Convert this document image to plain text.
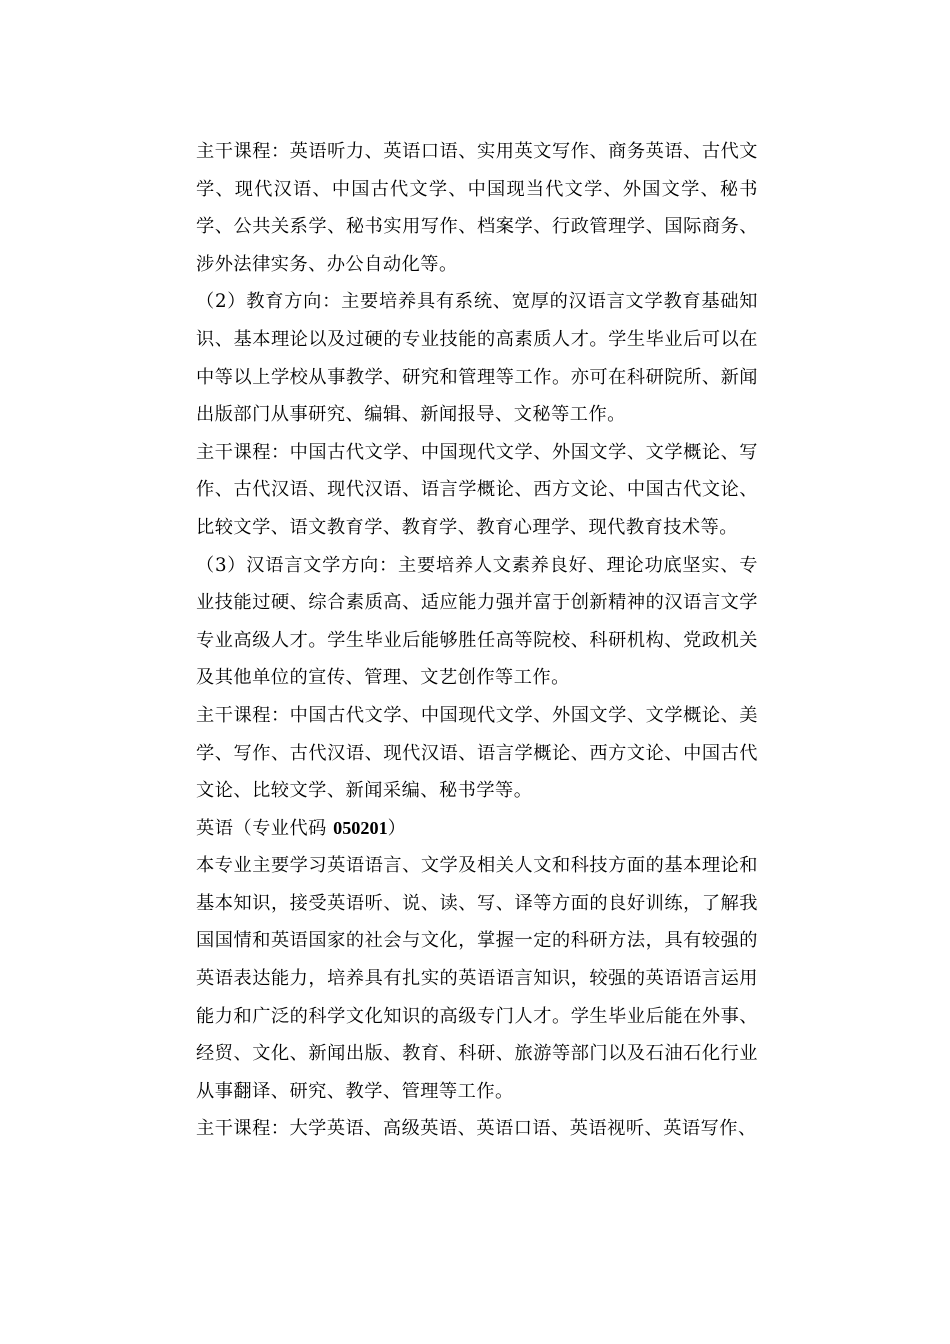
主干课程：英语听力、英语口语、实用英文写作、商务英语、古代文学、现代汉语、中国古代文学、中国现当代文学、外国文学、秘书学、公共关系学、秘书实用写作、档案学、行政管理学、国际商务、涉外法律实务、办公自动化等。

（2）教育方向：主要培养具有系统、宽厚的汉语言文学教育基础知识、基本理论以及过硬的专业技能的高素质人才。学生毕业后可以在中等以上学校从事教学、研究和管理等工作。亦可在科研院所、新闻出版部门从事研究、编辑、新闻报导、文秘等工作。

主干课程：中国古代文学、中国现代文学、外国文学、文学概论、写作、古代汉语、现代汉语、语言学概论、西方文论、中国古代文论、比较文学、语文教育学、教育学、教育心理学、现代教育技术等。

（3）汉语言文学方向：主要培养人文素养良好、理论功底坚实、专业技能过硬、综合素质高、适应能力强并富于创新精神的汉语言文学专业高级人才。学生毕业后能够胜任高等院校、科研机构、党政机关及其他单位的宣传、管理、文艺创作等工作。

主干课程：中国古代文学、中国现代文学、外国文学、文学概论、美学、写作、古代汉语、现代汉语、语言学概论、西方文论、中国古代文论、比较文学、新闻采编、秘书学等。

英语（专业代码 050201）

本专业主要学习英语语言、文学及相关人文和科技方面的基本理论和基本知识，接受英语听、说、读、写、译等方面的良好训练，了解我国国情和英语国家的社会与文化，掌握一定的科研方法，具有较强的英语表达能力，培养具有扎实的英语语言知识，较强的英语语言运用能力和广泛的科学文化知识的高级专门人才。学生毕业后能在外事、经贸、文化、新闻出版、教育、科研、旅游等部门以及石油石化行业从事翻译、研究、教学、管理等工作。

主干课程：大学英语、高级英语、英语口语、英语视听、英语写作、
